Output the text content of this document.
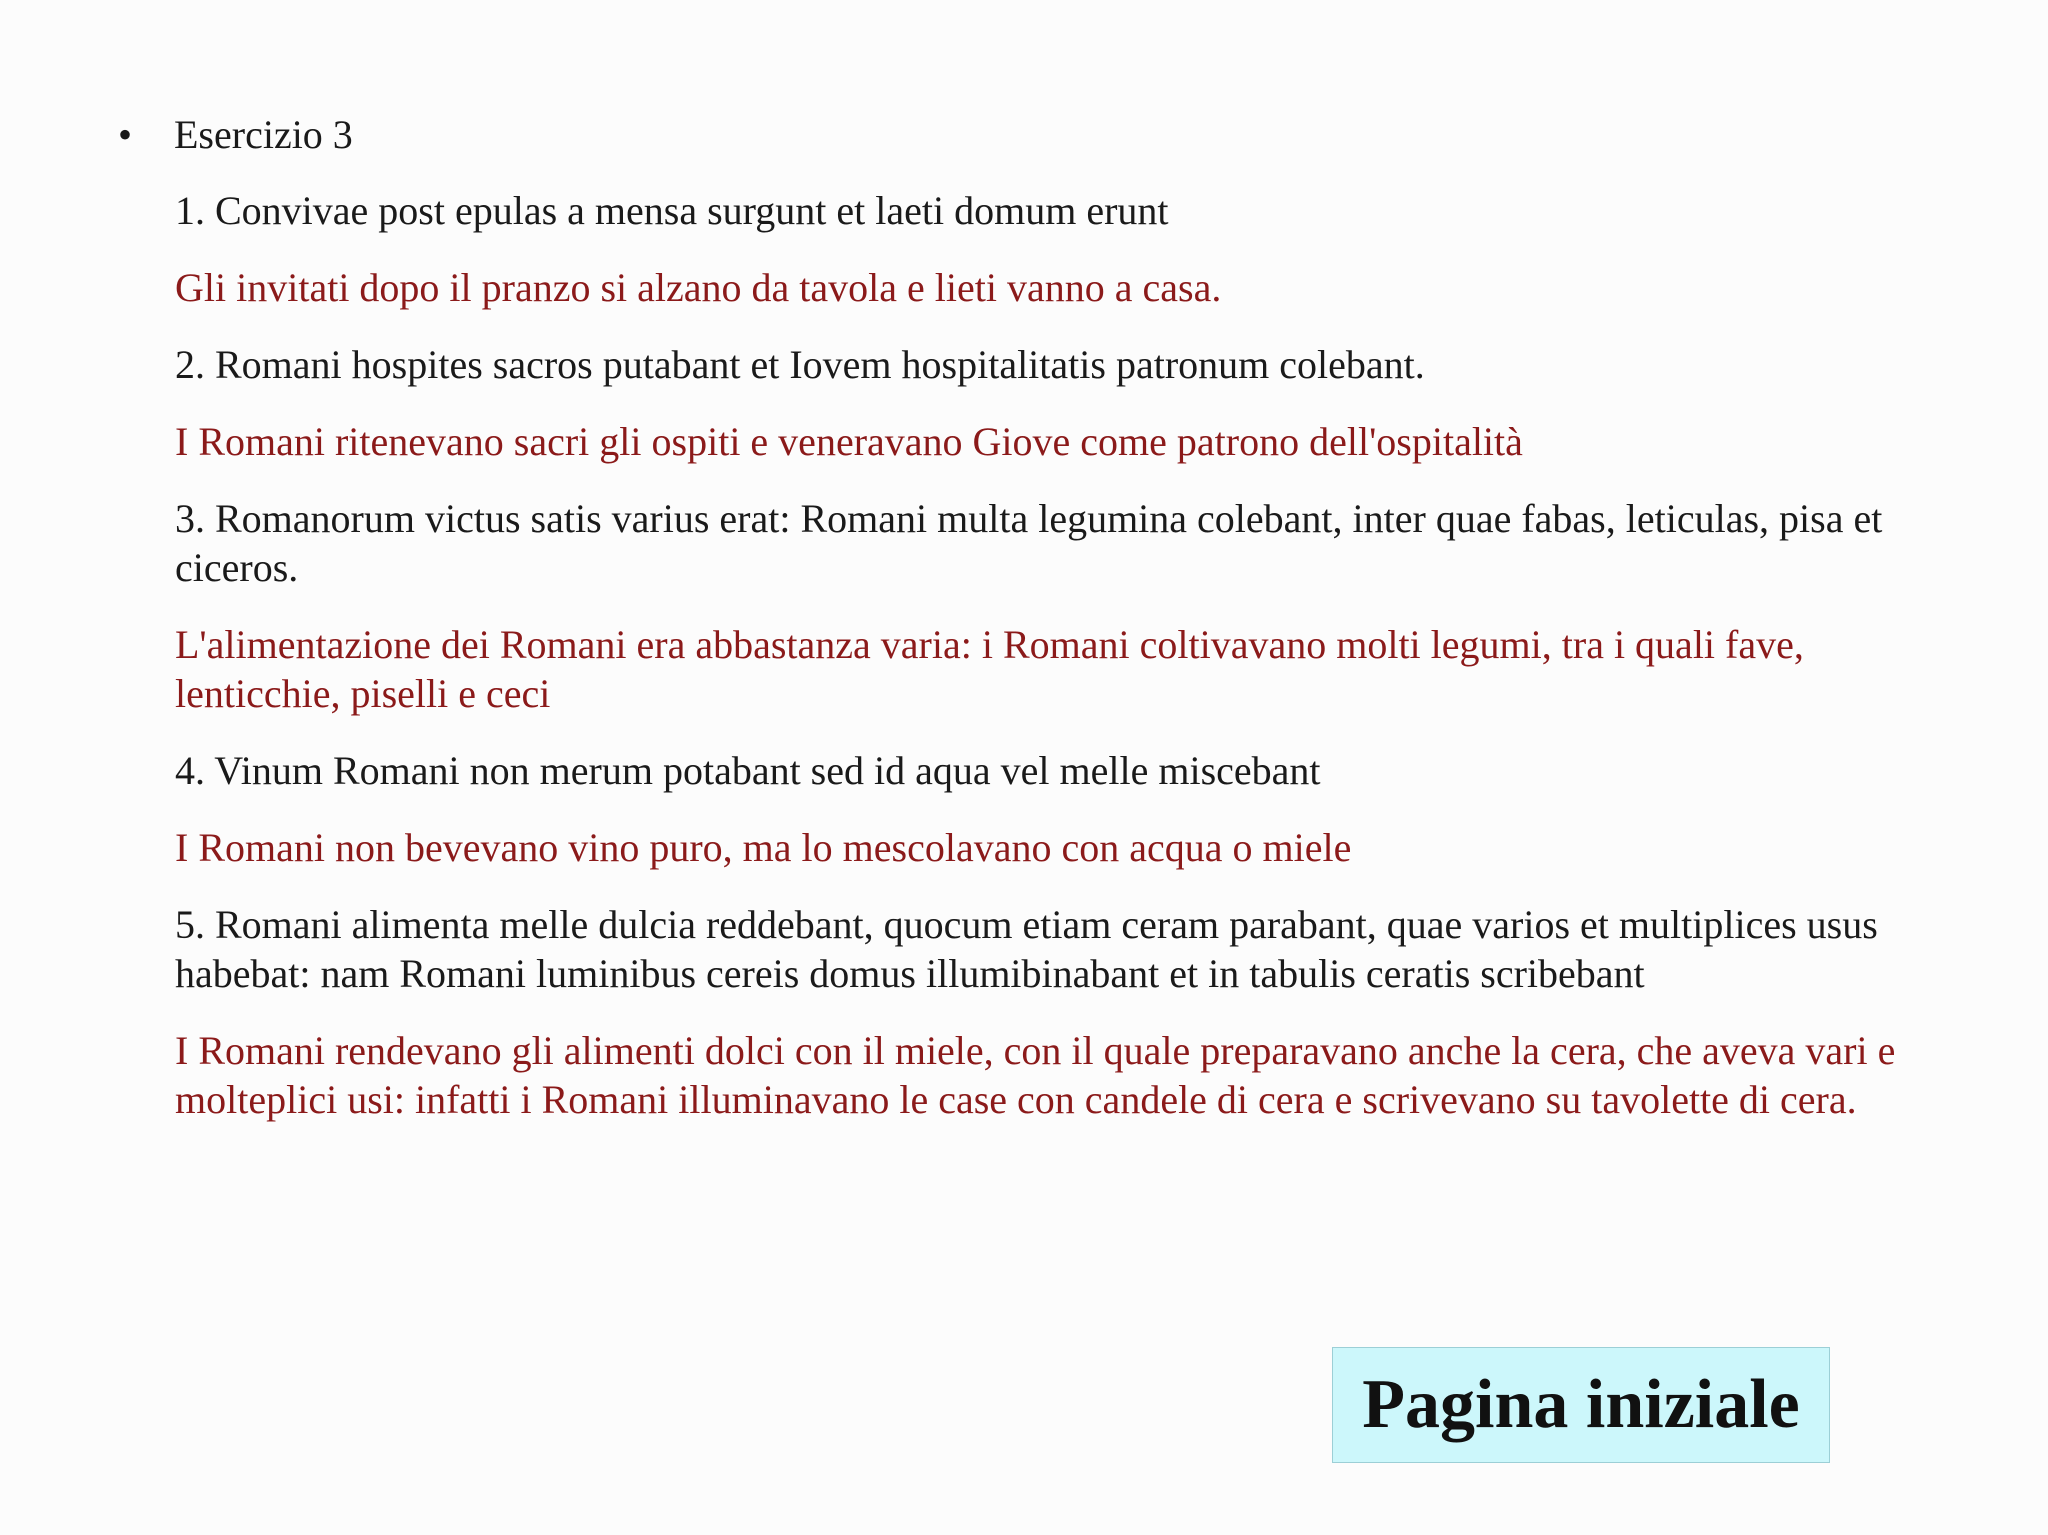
•	Esercizio 3

1. Convivae post epulas a mensa surgunt et laeti domum erunt

Gli invitati dopo il pranzo si alzano da tavola e lieti vanno a casa.

2. Romani hospites sacros putabant et Iovem hospitalitatis patronum colebant.

I Romani ritenevano sacri gli ospiti e veneravano Giove come patrono dell'ospitalità

3. Romanorum victus satis varius erat: Romani multa legumina colebant, inter quae fabas, leticulas, pisa et ciceros.

L'alimentazione dei Romani era abbastanza varia: i Romani coltivavano molti legumi, tra i quali fave, lenticchie, piselli e ceci

4. Vinum Romani non merum potabant sed id aqua vel melle miscebant

I Romani non bevevano vino puro, ma lo mescolavano con acqua o miele

5. Romani alimenta melle dulcia reddebant, quocum etiam ceram parabant, quae varios et multiplices usus habebat: nam Romani luminibus cereis domus illumibinabant et in tabulis ceratis scribebant

I Romani rendevano gli alimenti dolci con il miele, con il quale preparavano anche la cera, che aveva vari e molteplici usi: infatti i Romani illuminavano le case con candele di cera e scrivevano su tavolette di cera.

Pagina iniziale
